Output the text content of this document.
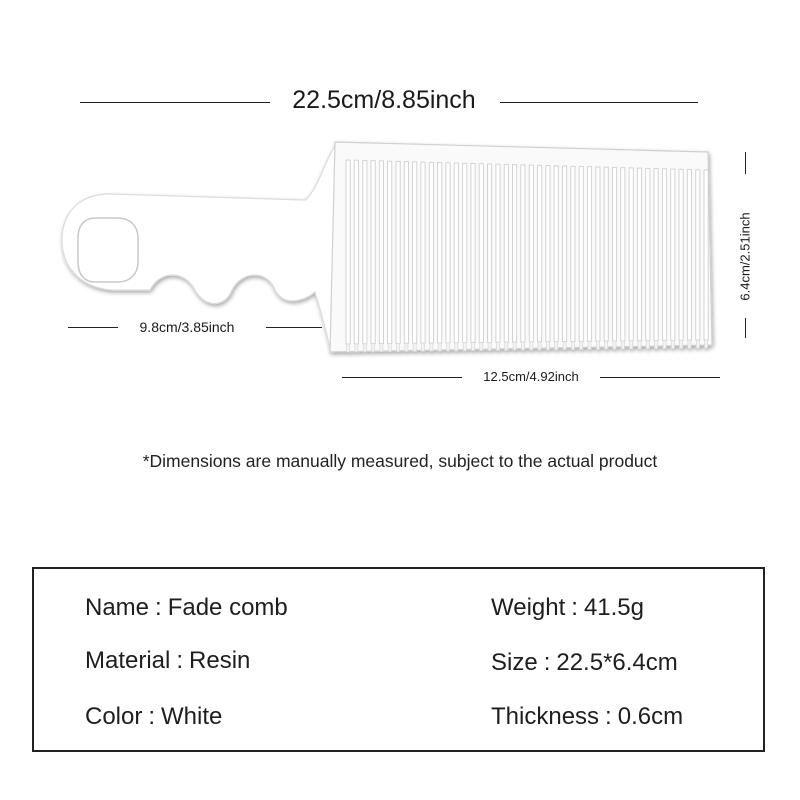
22.5cm/8.85inch
9.8cm/3.85inch
12.5cm/4.92inch
6.4cm/2.51inch
*Dimensions are manually measured, subject to the actual product
Name : Fade comb
Material : Resin
Color : White
Weight : 41.5g
Size : 22.5*6.4cm
Thickness : 0.6cm
